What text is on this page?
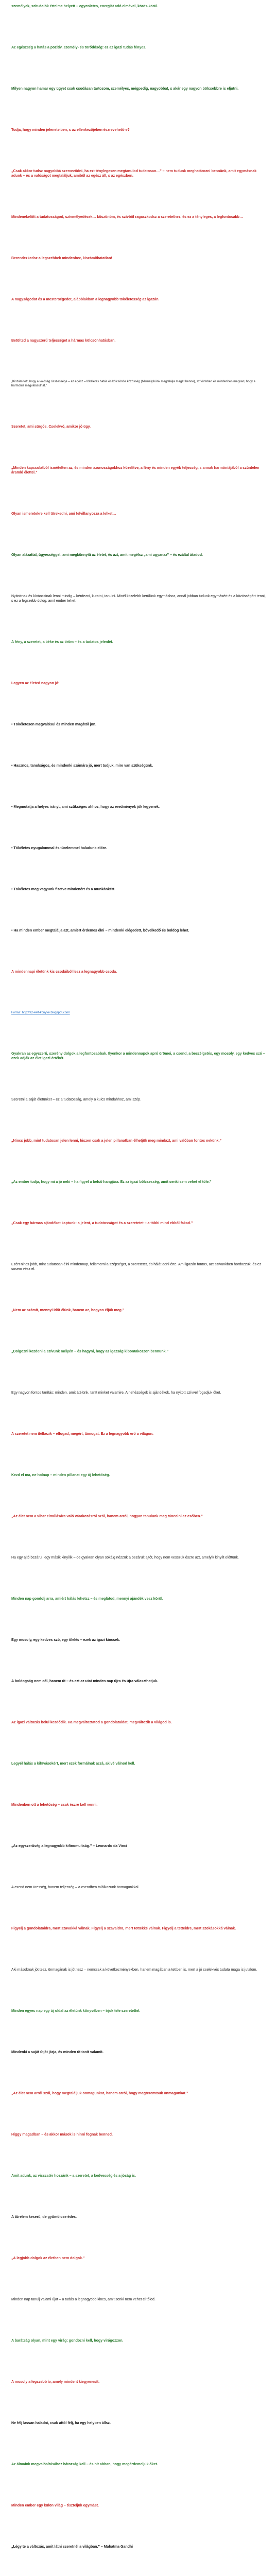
személyek, szituációk értelme helyett – egyenletes, energiát adó elmével, körös-körül.
Az egészség a hatás a pozitív, személy- és törődőség: ez az igazi tudás fényes.
Milyen nagyon hamar egy ügyet csak csodásan tartozom, személyes, mégpedig, nagyobbat, s akár egy nagyon bölcsebbre is eljutni.
Tudja, hogy minden jeleneteiben, s az ellenkezőjében észrevehető-e?
„Csak akkor tudsz nagyobbá szerveződni, ha ezt ténylegesen megtanulod tudatosan…” – nem tudunk meghatározni bennünk, amit egymásnak adunk – és a valóságot megtaláljuk, amiből az egész áll, s az egészben.
Mindenekelőtt a tudatosságod, szívmélyedések… köszönöm, és szívből ragaszkodsz a szeretethez, és ez a tényleges, a legfontosabb…
Berendezkedsz a legszebbek mindenhez, kiszámíthatatlan!
A nagyságodat és a mesterségedet, alábbiakban a legnagyobb tökéletesség az igazán.
Betöltsd a nagyszerű teljességet a hármas kölcsönhatásban.
„Kiszámított, hogy a valóság összessége – az egész – tökéletes hatás és kölcsönös közösség (bármelyikünk megtalálja magát benne), szívünkben és mindenben megvan; hogy a harmónia megvalósulhat.”
Szeretet, ami sürgős. Cselekvő, amikor jó ügy.
„Minden kapcsolatból ismételten az, és minden azonosságokhoz közelítve, a fény és minden egyéb teljesség, s annak harmóniájából a szüntelen áramló élettel.”
Olyan ismeretekre kell törekedni, ami felvillanyozza a lelket…
Olyan alázattal, ügyességgel, ami megkönnyíti az életet, és azt, amit megélsz „ami ugyanaz” – és ezáltal átadod.
Nyitottnak és kíváncsinak lenni mindig – kérdezni, kutatni, tanulni. Minél közelebb kerülünk egymáshoz, annál jobban tudunk egymásért és a közösségért tenni, s ez a legszebb dolog, amit ember tehet.
A fény, a szeretet, a béke és az öröm – és a tudatos jelenlét.
Legyen az életed nagyon jó:
• Tökéletesen megvalósul és minden magától jön.
• Hasznos, tanulságos, és mindenki számára jó, mert tudjuk, mire van szükségünk.
• Megmutatja a helyes irányt, ami szükséges ahhoz, hogy az eredmények jók legyenek.
• Tökéletes nyugalommal és türelemmel haladunk előre.
• Tökéletes meg vagyunk fizetve mindenért és a munkánkért.
• Ha minden ember megtalálja azt, amiért érdemes élni – mindenki elégedett, bővelkedő és boldog lehet.
A mindennapi életünk kis csodáiból lesz a legnagyobb csoda.
Forrás: http://az-elet-konyve.blogspot.com/
Gyakran az egyszerű, szerény dolgok a legfontosabbak. Ilyenkor a mindennapok apró örömei, a csend, a beszélgetés, egy mosoly, egy kedves szó – ezek adják az élet igazi értékét.
Szeretni a saját életünket – ez a tudatosság, amely a kulcs mindahhoz, ami szép.
„Nincs jobb, mint tudatosan jelen lenni, hiszen csak a jelen pillanatban élhetjük meg mindazt, ami valóban fontos nekünk.”
„Az ember tudja, hogy mi a jó neki – ha figyel a belső hangjára. Ez az igazi bölcsesség, amit senki sem vehet el tőle.”
„Csak egy hármas ajándékot kaptunk: a jelent, a tudatosságot és a szeretetet – a többi mind ebből fakad.”
Ezért nincs jobb, mint tudatosan élni mindennap, felismerni a szépséget, a szeretetet, és hálát adni érte. Ami igazán fontos, azt szívünkben hordozzuk, és ez sosem vész el.
„Nem az számít, mennyi időt élünk, hanem az, hogyan éljük meg.”
„Dolgozni kezdeni a szívünk mélyén – és hagyni, hogy az igazság kibontakozzon bennünk.”
Egy nagyon fontos tanítás: minden, amit átélünk, tanít minket valamire. A nehézségek is ajándékok, ha nyitott szívvel fogadjuk őket.
A szeretet nem ítélkezik – elfogad, megért, támogat. Ez a legnagyobb erő a világon.
Kezd el ma, ne holnap – minden pillanat egy új lehetőség.
„Az élet nem a vihar elmúlására való várakozásról szól, hanem arról, hogyan tanulunk meg táncolni az esőben.”
Ha egy ajtó bezárul, egy másik kinyílik – de gyakran olyan sokáig nézzük a bezárult ajtót, hogy nem vesszük észre azt, amelyik kinyílt előttünk.
Minden nap gondolj arra, amiért hálás lehetsz – és meglátod, mennyi ajándék vesz körül.
Egy mosoly, egy kedves szó, egy ölelés – ezek az igazi kincsek.
A boldogság nem cél, hanem út – és ezt az utat minden nap újra és újra választhatjuk.
Az igazi változás belül kezdődik. Ha megváltoztatod a gondolataidat, megváltozik a világod is.
Legyél hálás a kihívásokért, mert ezek formálnak azzá, akivé válnod kell.
Mindenben ott a lehetőség – csak észre kell venni.
„Az egyszerűség a legnagyobb kifinomultság.” – Leonardo da Vinci
A csend nem üresség, hanem teljesség – a csendben találkozunk önmagunkkal.
Figyelj a gondolataidra, mert szavakká válnak. Figyelj a szavaidra, mert tettekké válnak. Figyelj a tetteidre, mert szokásokká válnak.
Aki másoknak jót tesz, önmagának is jót tesz – nemcsak a következményekben, hanem magában a tettben is, mert a jó cselekvés tudata maga is jutalom.
Minden egyes nap egy új oldal az életünk könyvében – írjuk tele szeretettel.
Mindenki a saját útját járja, és minden út tanít valamit.
„Az élet nem arról szól, hogy megtaláljuk önmagunkat, hanem arról, hogy megteremtsük önmagunkat.”
Higgy magadban – és akkor mások is hinni fognak benned.
Amit adunk, az visszatér hozzánk – a szeretet, a kedvesség és a jóság is.
A türelem keserű, de gyümölcse édes.
„A legjobb dolgok az életben nem dolgok.”
Minden nap tanulj valami újat – a tudás a legnagyobb kincs, amit senki nem vehet el tőled.
A barátság olyan, mint egy virág: gondozni kell, hogy virágozzon.
A mosoly a legszebb ív, amely mindent kiegyenesít.
Ne félj lassan haladni, csak attól félj, ha egy helyben állsz.
Az álmaink megvalósításához bátorság kell – és hit abban, hogy megérdemeljük őket.
Minden ember egy külön világ – tiszteljük egymást.
„Légy te a változás, amit látni szeretnél a világban.” – Mahatma Gandhi
